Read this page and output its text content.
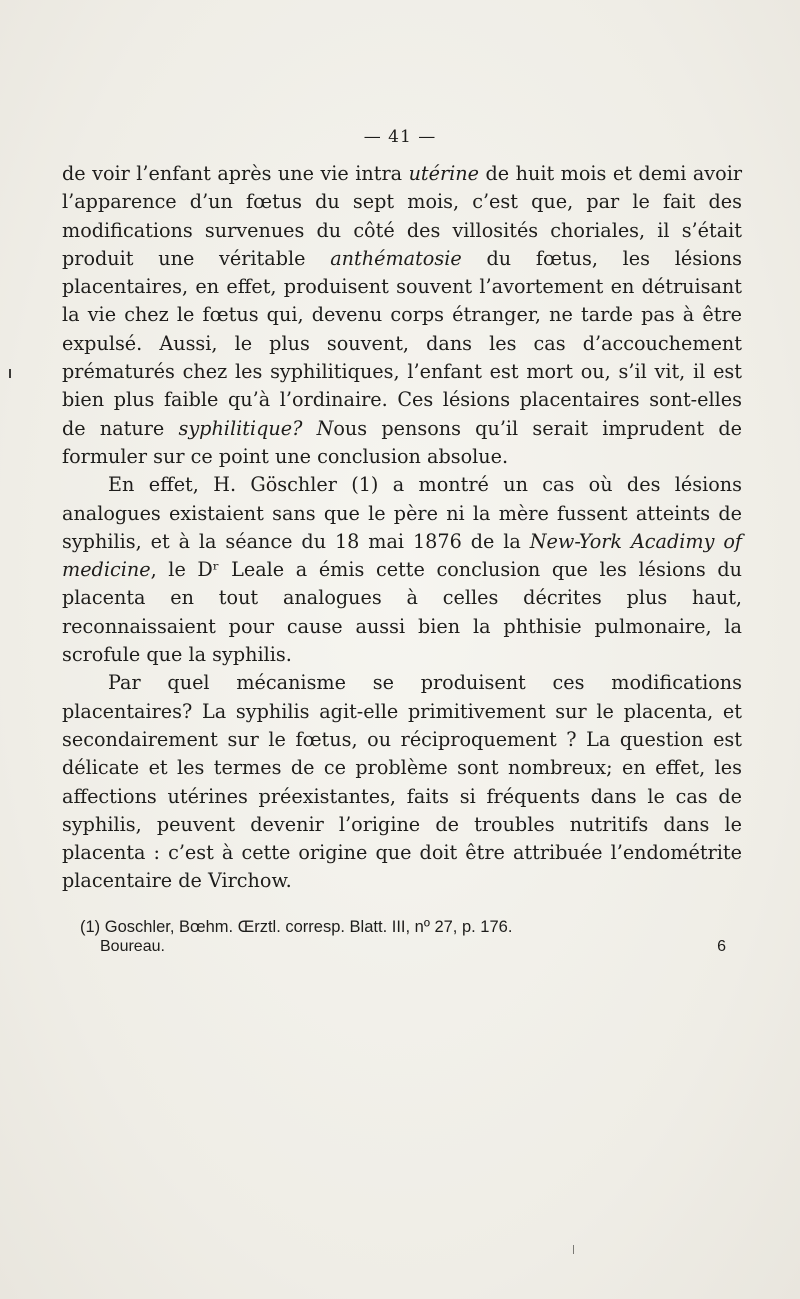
— 41 —

de voir l’enfant après une vie intra utérine de huit mois et demi avoir l’apparence d’un fœtus du sept mois, c’est que, par le fait des modifications survenues du côté des villosités choriales, il s’était produit une véritable anthématosie du fœtus, les lésions placentaires, en effet, produisent souvent l’avortement en détruisant la vie chez le fœtus qui, devenu corps étranger, ne tarde pas à être expulsé. Aussi, le plus souvent, dans les cas d’accouchement prématurés chez les syphilitiques, l’enfant est mort ou, s’il vit, il est bien plus faible qu’à l’ordinaire. Ces lésions placentaires sont-elles de nature syphilitique? Nous pensons qu’il serait imprudent de formuler sur ce point une conclusion absolue.

En effet, H. Göschler (1) a montré un cas où des lésions analogues existaient sans que le père ni la mère fussent atteints de syphilis, et à la séance du 18 mai 1876 de la New-York Acadimy of medicine, le Dʳ Leale a émis cette conclusion que les lésions du placenta en tout analogues à celles décrites plus haut, reconnaissaient pour cause aussi bien la phthisie pulmonaire, la scrofule que la syphilis.

Par quel mécanisme se produisent ces modifications placentaires? La syphilis agit-elle primitivement sur le placenta, et secondairement sur le fœtus, ou réciproquement ? La question est délicate et les termes de ce problème sont nombreux; en effet, les affections utérines préexistantes, faits si fréquents dans le cas de syphilis, peuvent devenir l’origine de troubles nutritifs dans le placenta : c’est à cette origine que doit être attribuée l’endométrite placentaire de Virchow.

(1) Goschler, Bœhm. Œrztl. corresp. Blatt. III, nº 27, p. 176.
Boureau.	6
